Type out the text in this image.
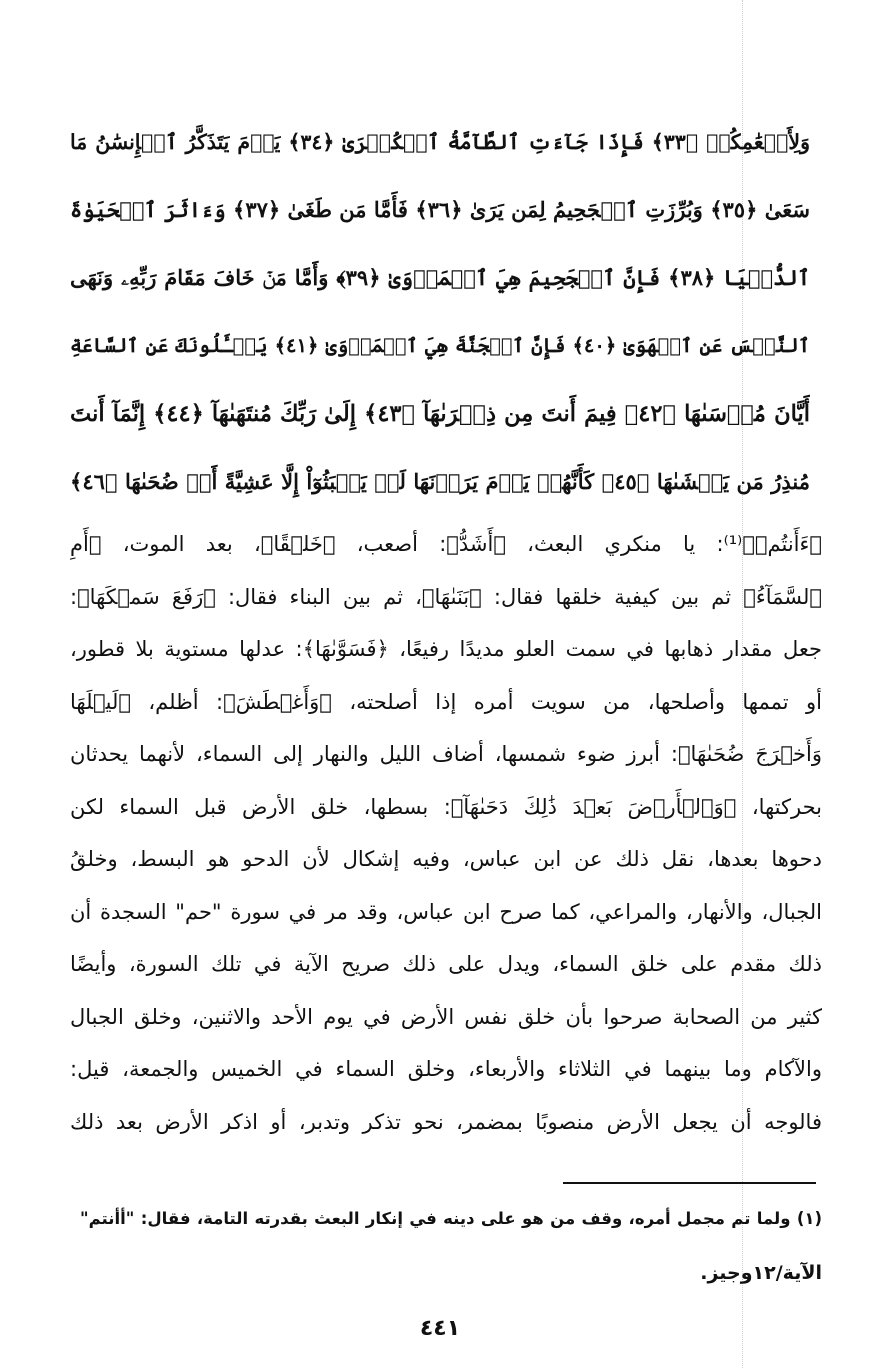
وَلِأَنۡعَٰمِكُمۡ ﴿٣٣﴾ فَإِذَا جَآءَتِ ٱلطَّآمَّةُ ٱلۡكُبۡرَىٰ ﴿٣٤﴾ يَوۡمَ يَتَذَكَّرُ ٱلۡإِنسَٰنُ مَا
سَعَىٰ ﴿٣٥﴾ وَبُرِّزَتِ ٱلۡجَحِيمُ لِمَن يَرَىٰ ﴿٣٦﴾ فَأَمَّا مَن طَغَىٰ ﴿٣٧﴾ وَءَاثَرَ ٱلۡحَيَوٰةَ
ٱلدُّنۡيَا ﴿٣٨﴾ فَإِنَّ ٱلۡجَحِيمَ هِيَ ٱلۡمَأۡوَىٰ ﴿٣٩﴾ وَأَمَّا مَنۡ خَافَ مَقَامَ رَبِّهِۦ وَنَهَى
ٱلنَّفۡسَ عَنِ ٱلۡهَوَىٰ ﴿٤٠﴾ فَإِنَّ ٱلۡجَنَّةَ هِيَ ٱلۡمَأۡوَىٰ ﴿٤١﴾ يَسۡـَٔلُونَكَ عَنِ ٱلسَّاعَةِ
أَيَّانَ مُرۡسَىٰهَا ﴿٤٢﴾ فِيمَ أَنتَ مِن ذِكۡرَىٰهَآ ﴿٤٣﴾ إِلَىٰ رَبِّكَ مُنتَهَىٰهَآ ﴿٤٤﴾ إِنَّمَآ أَنتَ
مُنذِرُ مَن يَخۡشَىٰهَا ﴿٤٥﴾ كَأَنَّهُمۡ يَوۡمَ يَرَوۡنَهَا لَمۡ يَلۡبَثُوٓاْ إِلَّا عَشِيَّةً أَوۡ ضُحَىٰهَا ﴿٤٦﴾
﴿ءَأَنتُمۡ﴾⁽¹⁾: يا منكري البعث، ﴿أَشَدُّ﴾: أصعب، ﴿خَلۡقًا﴾، بعد الموت، ﴿أَمِ
ٱلسَّمَآءُ﴾ ثم بين كيفية خلقها فقال: ﴿بَنَىٰهَا﴾، ثم بين البناء فقال: ﴿رَفَعَ سَمۡكَهَا﴾:
جعل مقدار ذهابها في سمت العلو مديدًا رفيعًا، ﴿فَسَوَّىٰهَا﴾: عدلها مستوية بلا قطور،
أو تممها وأصلحها، من سويت أمره إذا أصلحته، ﴿وَأَغۡطَشَ﴾: أظلم، ﴿لَيۡلَهَا
وَأَخۡرَجَ ضُحَىٰهَا﴾: أبرز ضوء شمسها، أضاف الليل والنهار إلى السماء، لأنهما يحدثان
بحركتها، ﴿وَٱلۡأَرۡضَ بَعۡدَ ذَٰلِكَ دَحَىٰهَآ﴾: بسطها، خلق الأرض قبل السماء لكن
دحوها بعدها، نقل ذلك عن ابن عباس، وفيه إشكال لأن الدحو هو البسط، وخلقُ
الجبال، والأنهار، والمراعي، كما صرح ابن عباس، وقد مر في سورة "حم" السجدة أن
ذلك مقدم على خلق السماء، ويدل على ذلك صريح الآية في تلك السورة، وأيضًا
كثير من الصحابة صرحوا بأن خلق نفس الأرض في يوم الأحد والاثنين، وخلق الجبال
والآكام وما بينهما في الثلاثاء والأربعاء، وخلق السماء في الخميس والجمعة، قيل:
فالوجه أن يجعل الأرض منصوبًا بمضمر، نحو تذكر وتدبر، أو اذكر الأرض بعد ذلك
(١) ولما تم مجمل أمره، وقف من هو على دينه في إنكار البعث بقدرته التامة، فقال: "أأنتم"
الآية/١٢وجيز.
٤٤١
